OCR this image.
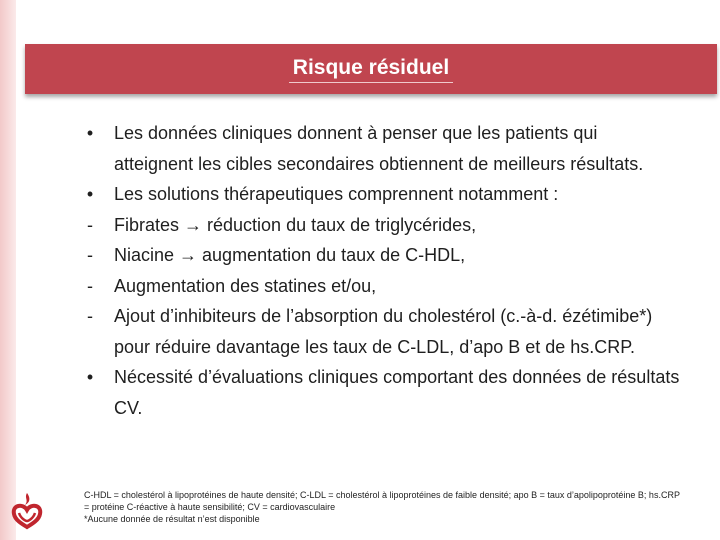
Risque résiduel
•	Les données cliniques donnent à penser que les patients qui atteignent les cibles secondaires obtiennent de meilleurs résultats.
•	Les solutions thérapeutiques comprennent notamment :
-	Fibrates → réduction du taux de triglycérides,
-	Niacine → augmentation du taux de C-HDL,
-	Augmentation des statines et/ou,
-	Ajout d’inhibiteurs de l’absorption du cholestérol (c.-à-d. ézétimibe*) pour réduire davantage les taux de C-LDL, d’apo B et de hs.CRP.
•	Nécessité d’évaluations cliniques comportant des données de résultats CV.
C-HDL = cholestérol à lipoprotéines de haute densité; C-LDL = cholestérol à lipoprotéines de faible densité; apo B = taux d’apolipoprotéine B; hs.CRP = protéine C-réactive à haute sensibilité; CV = cardiovasculaire
*Aucune donnée de résultat n’est disponible
